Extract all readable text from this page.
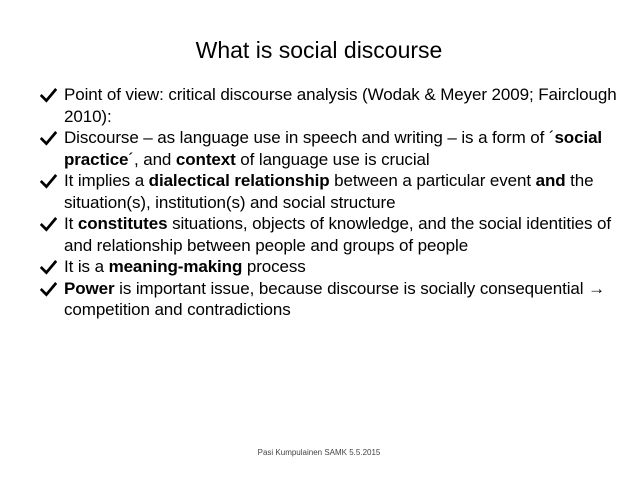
What is social discourse
Point of view: critical discourse analysis (Wodak & Meyer 2009; Fairclough 2010):
Discourse – as language use in speech and writing – is a form of ´social practice´, and context of language use is crucial
It implies a dialectical relationship between a particular event and the situation(s), institution(s) and social structure
It constitutes situations, objects of knowledge, and the social identities of and relationship between people and groups of people
It is a meaning-making process
Power is important issue, because discourse is socially consequential → competition and contradictions
Pasi Kumpulainen SAMK 5.5.2015
